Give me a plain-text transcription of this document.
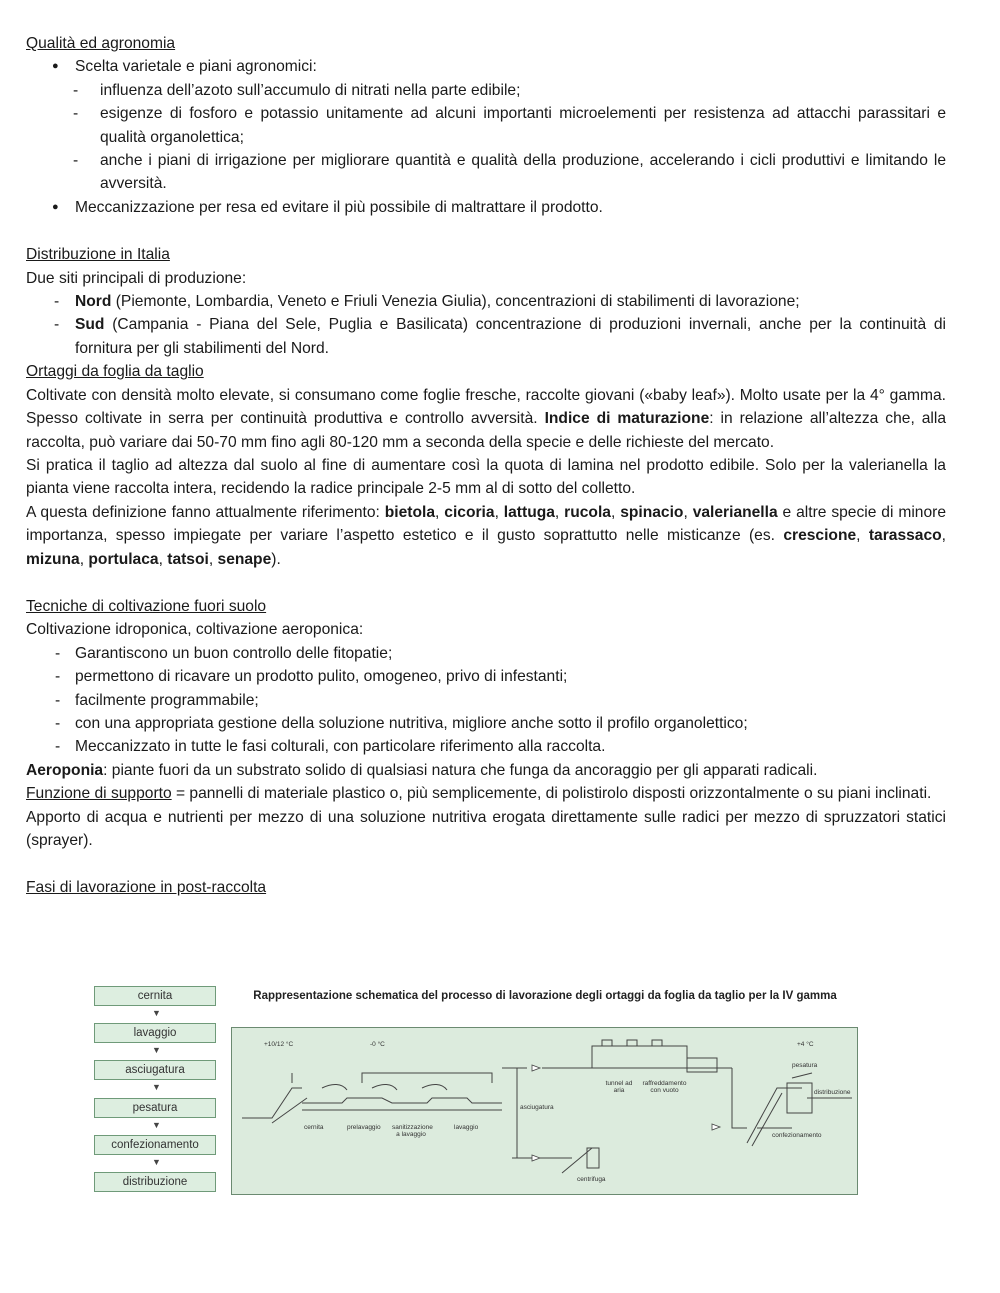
Qualità ed agronomia
● Scelta varietale e piani agronomici:
- influenza dell’azoto sull’accumulo di nitrati nella parte edibile;
- esigenze di fosforo e potassio unitamente ad alcuni importanti microelementi per resistenza ad attacchi parassitari e qualità organolettica;
- anche i piani di irrigazione per migliorare quantità e qualità della produzione, accelerando i cicli produttivi e limitando le avversità.
● Meccanizzazione per resa ed evitare il più possibile di maltrattare il prodotto.
Distribuzione in Italia

Due siti principali di produzione:

- Nord (Piemonte, Lombardia, Veneto e Friuli Venezia Giulia), concentrazioni di stabilimenti di lavorazione;
- Sud (Campania - Piana del Sele, Puglia e Basilicata) concentrazione di produzioni invernali, anche per la continuità di fornitura per gli stabilimenti del Nord.
Ortaggi da foglia da taglio

Coltivate con densità molto elevate, si consumano come foglie fresche, raccolte giovani («baby leaf»). Molto usate per la 4° gamma. Spesso coltivate in serra per continuità produttiva e controllo avversità. Indice di maturazione: in relazione all’altezza che, alla raccolta, può variare dai 50-70 mm fino agli 80-120 mm a seconda della specie e delle richieste del mercato.

Si pratica il taglio ad altezza dal suolo al fine di aumentare così la quota di lamina nel prodotto edibile. Solo per la valerianella la pianta viene raccolta intera, recidendo la radice principale 2-5 mm al di sotto del colletto.

A questa definizione fanno attualmente riferimento: bietola, cicoria, lattuga, rucola, spinacio, valerianella e altre specie di minore importanza, spesso impiegate per variare l’aspetto estetico e il gusto soprattutto nelle misticanze (es. crescione, tarassaco, mizuna, portulaca, tatsoi, senape).

Tecniche di coltivazione fuori suolo

Coltivazione idroponica, coltivazione aeroponica:

- Garantiscono un buon controllo delle fitopatie;
- permettono di ricavare un prodotto pulito, omogeneo, privo di infestanti;
- facilmente programmabile;
- con una appropriata gestione della soluzione nutritiva, migliore anche sotto il profilo organolettico;
- Meccanizzato in tutte le fasi colturali, con particolare riferimento alla raccolta.

Aeroponia: piante fuori da un substrato solido di qualsiasi natura che funga da ancoraggio per gli apparati radicali.

Funzione di supporto = pannelli di materiale plastico o, più semplicemente, di polistirolo disposti orizzontalmente o su piani inclinati.

Apporto di acqua e nutrienti per mezzo di una soluzione nutritiva erogata direttamente sulle radici per mezzo di spruzzatori statici (sprayer).

Fasi di lavorazione in post-raccolta
cernita
▼
lavaggio
▼
asciugatura
▼
pesatura
▼
confezionamento
▼
distribuzione
Rappresentazione schematica del processo di lavorazione degli ortaggi da foglia da taglio per la IV gamma
+10/12 °C	-0 °C	+4 °C
cernita	prelavaggio sanitizzazione a lavaggio
lavaggio
asciugatura
tunnel ad aria
raffreddamento con vuoto
centrifuga
pesatura
distribuzione
confezionamento
